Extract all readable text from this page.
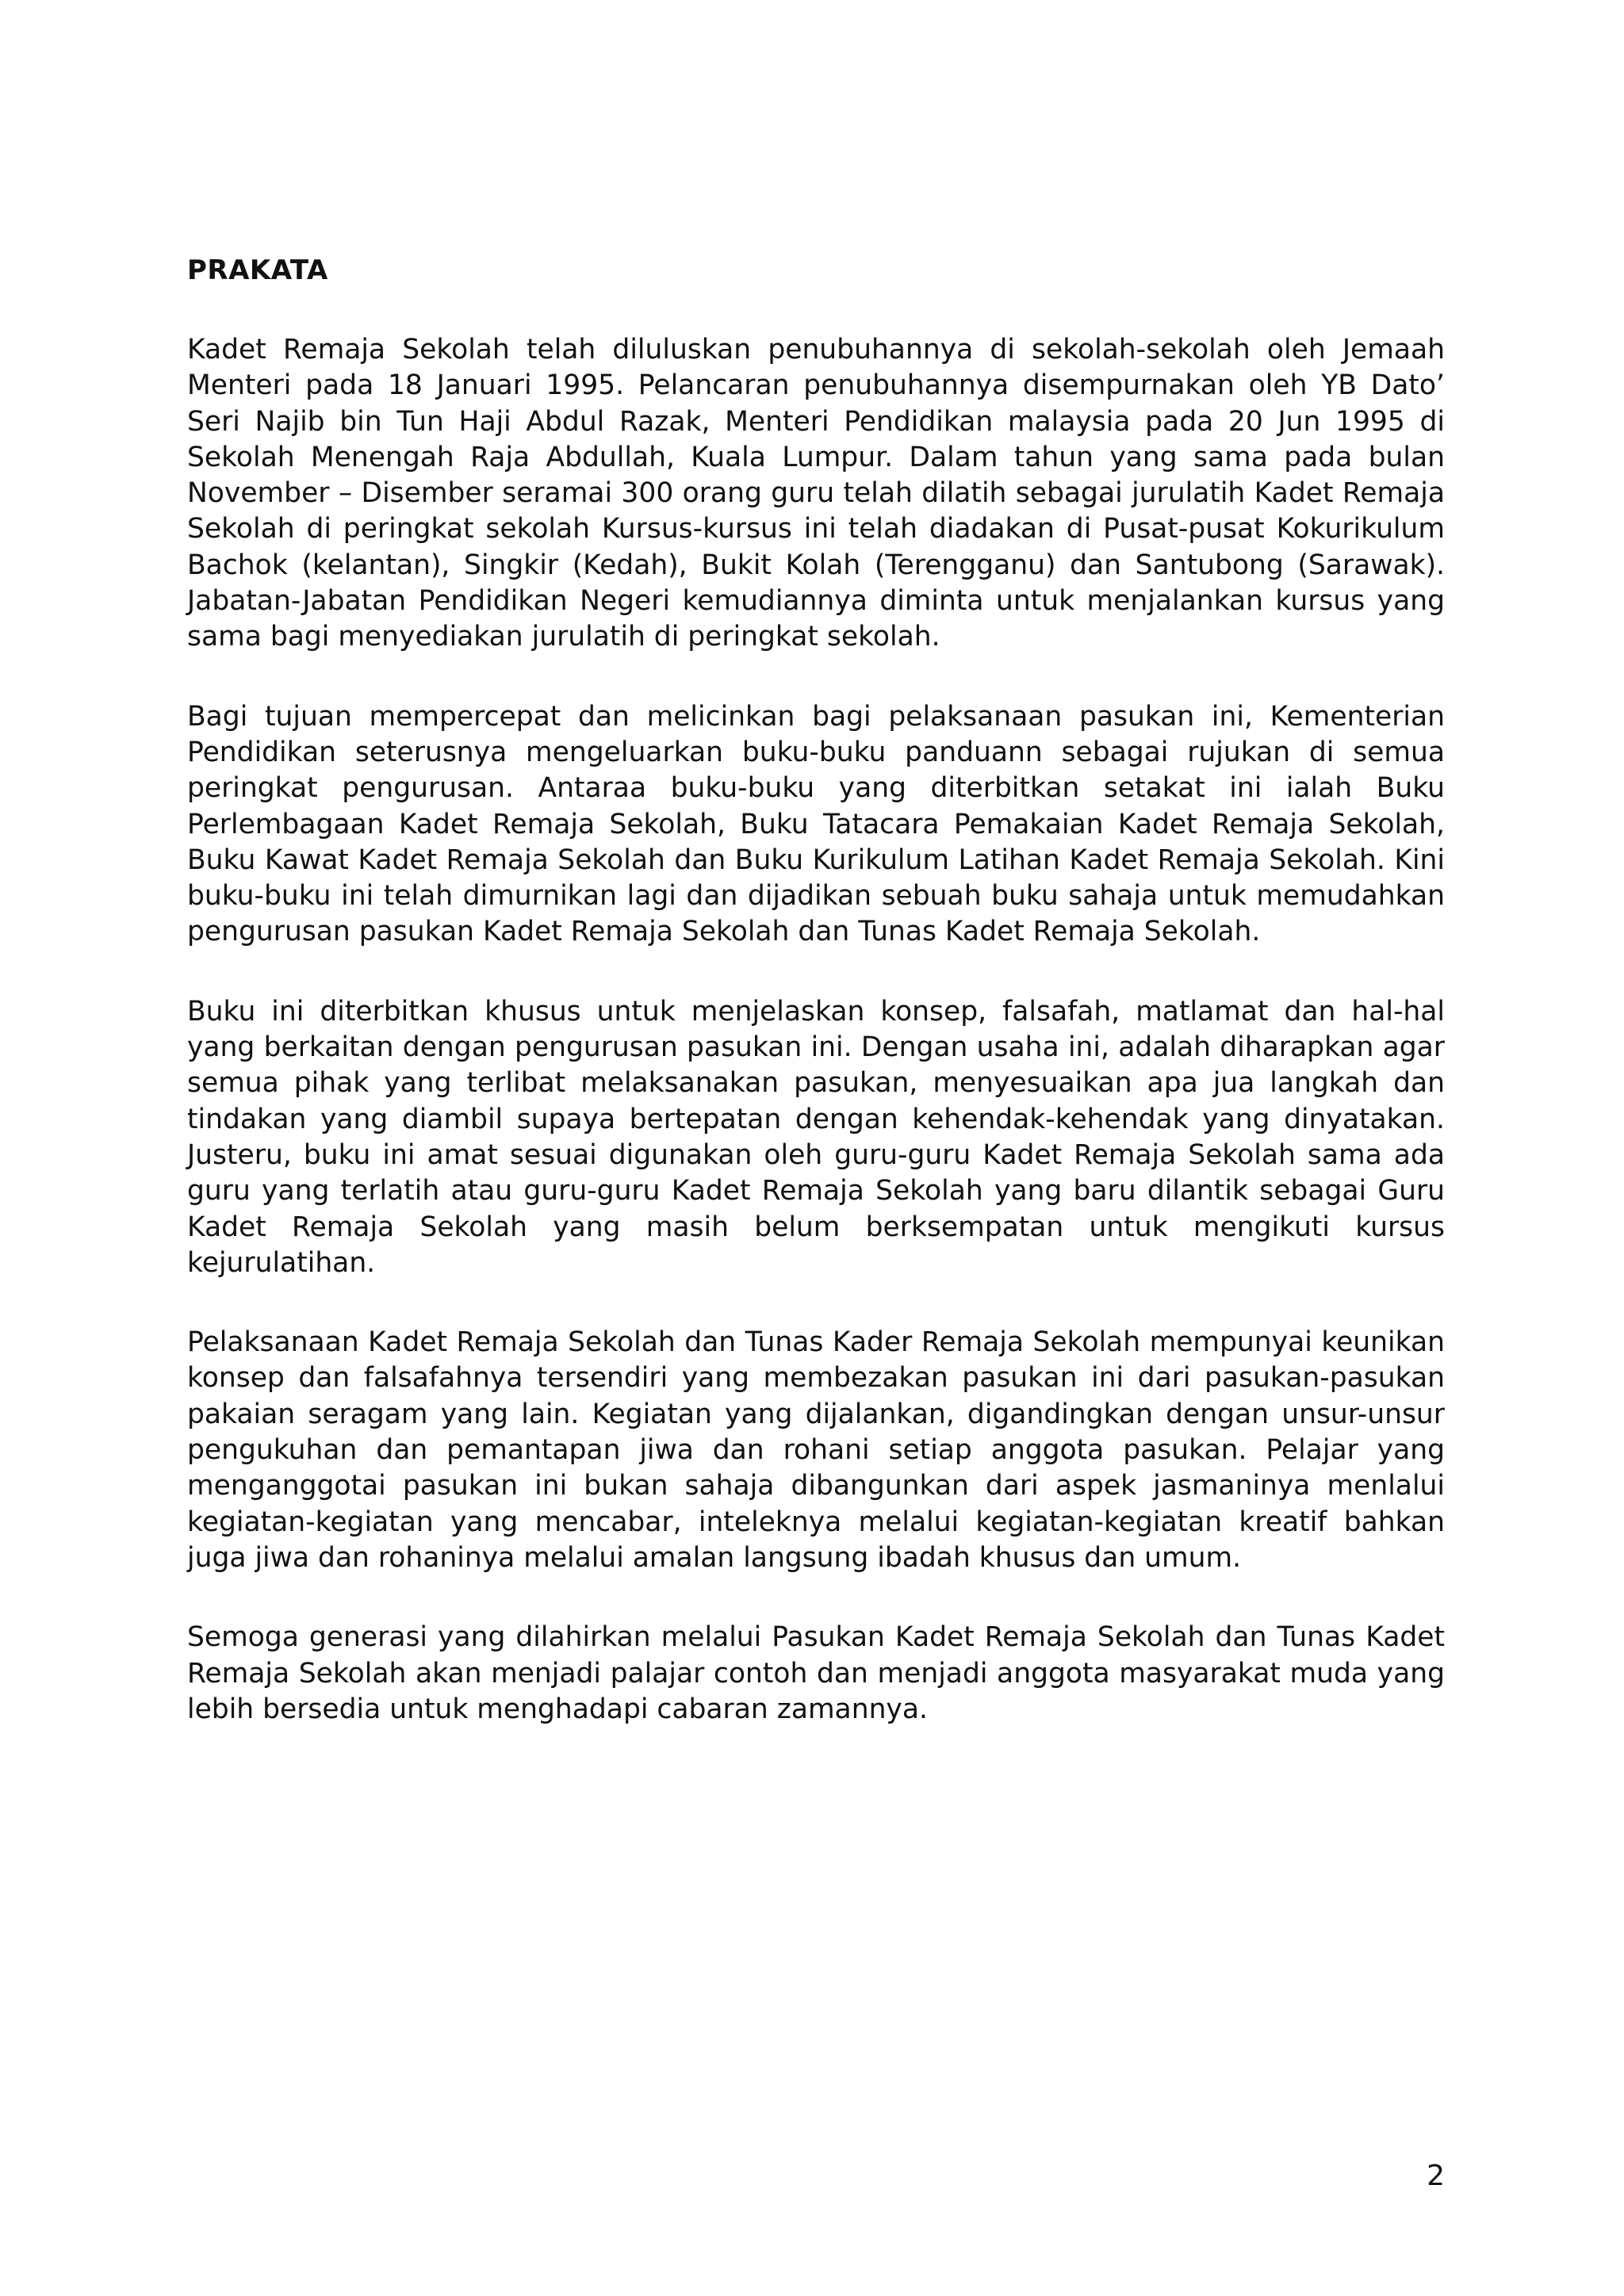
PRAKATA

Kadet Remaja Sekolah telah diluluskan penubuhannya di sekolah-sekolah oleh Jemaah Menteri pada 18 Januari 1995. Pelancaran penubuhannya disempurnakan oleh YB Dato’ Seri Najib bin Tun Haji Abdul Razak, Menteri Pendidikan malaysia pada 20 Jun 1995 di Sekolah Menengah Raja Abdullah, Kuala Lumpur. Dalam tahun yang sama pada bulan November – Disember seramai 300 orang guru telah dilatih sebagai jurulatih Kadet Remaja Sekolah di peringkat sekolah Kursus-kursus ini telah diadakan di Pusat-pusat Kokurikulum Bachok (kelantan), Singkir (Kedah), Bukit Kolah (Terengganu) dan Santubong (Sarawak). Jabatan-Jabatan Pendidikan Negeri kemudiannya diminta untuk menjalankan kursus yang sama bagi menyediakan jurulatih di peringkat sekolah.

Bagi tujuan mempercepat dan melicinkan bagi pelaksanaan pasukan ini, Kementerian Pendidikan seterusnya mengeluarkan buku-buku panduann sebagai rujukan di semua peringkat pengurusan. Antaraa buku-buku yang diterbitkan setakat ini ialah Buku Perlembagaan Kadet Remaja Sekolah, Buku Tatacara Pemakaian Kadet Remaja Sekolah, Buku Kawat Kadet Remaja Sekolah dan Buku Kurikulum Latihan Kadet Remaja Sekolah. Kini buku-buku ini telah dimurnikan lagi dan dijadikan sebuah buku sahaja untuk memudahkan pengurusan pasukan Kadet Remaja Sekolah dan Tunas Kadet Remaja Sekolah.

Buku ini diterbitkan khusus untuk menjelaskan konsep, falsafah, matlamat dan hal-hal yang berkaitan dengan pengurusan pasukan ini. Dengan usaha ini, adalah diharapkan agar semua pihak yang terlibat melaksanakan pasukan, menyesuaikan apa jua langkah dan tindakan yang diambil supaya bertepatan dengan kehendak-kehendak yang dinyatakan. Justeru, buku ini amat sesuai digunakan oleh guru-guru Kadet Remaja Sekolah sama ada guru yang terlatih atau guru-guru Kadet Remaja Sekolah yang baru dilantik sebagai Guru Kadet Remaja Sekolah yang masih belum berksempatan untuk mengikuti kursus kejurulatihan.

Pelaksanaan Kadet Remaja Sekolah dan Tunas Kader Remaja Sekolah mempunyai keunikan konsep dan falsafahnya tersendiri yang membezakan pasukan ini dari pasukan-pasukan pakaian seragam yang lain. Kegiatan yang dijalankan, digandingkan dengan unsur-unsur pengukuhan dan pemantapan jiwa dan rohani setiap anggota pasukan. Pelajar yang menganggotai pasukan ini bukan sahaja dibangunkan dari aspek jasmaninya menlalui kegiatan-kegiatan yang mencabar, inteleknya melalui kegiatan-kegiatan kreatif bahkan juga jiwa dan rohaninya melalui amalan langsung ibadah khusus dan umum.

Semoga generasi yang dilahirkan melalui Pasukan Kadet Remaja Sekolah dan Tunas Kadet Remaja Sekolah akan menjadi palajar contoh dan menjadi anggota masyarakat muda yang lebih bersedia untuk menghadapi cabaran zamannya.

2
